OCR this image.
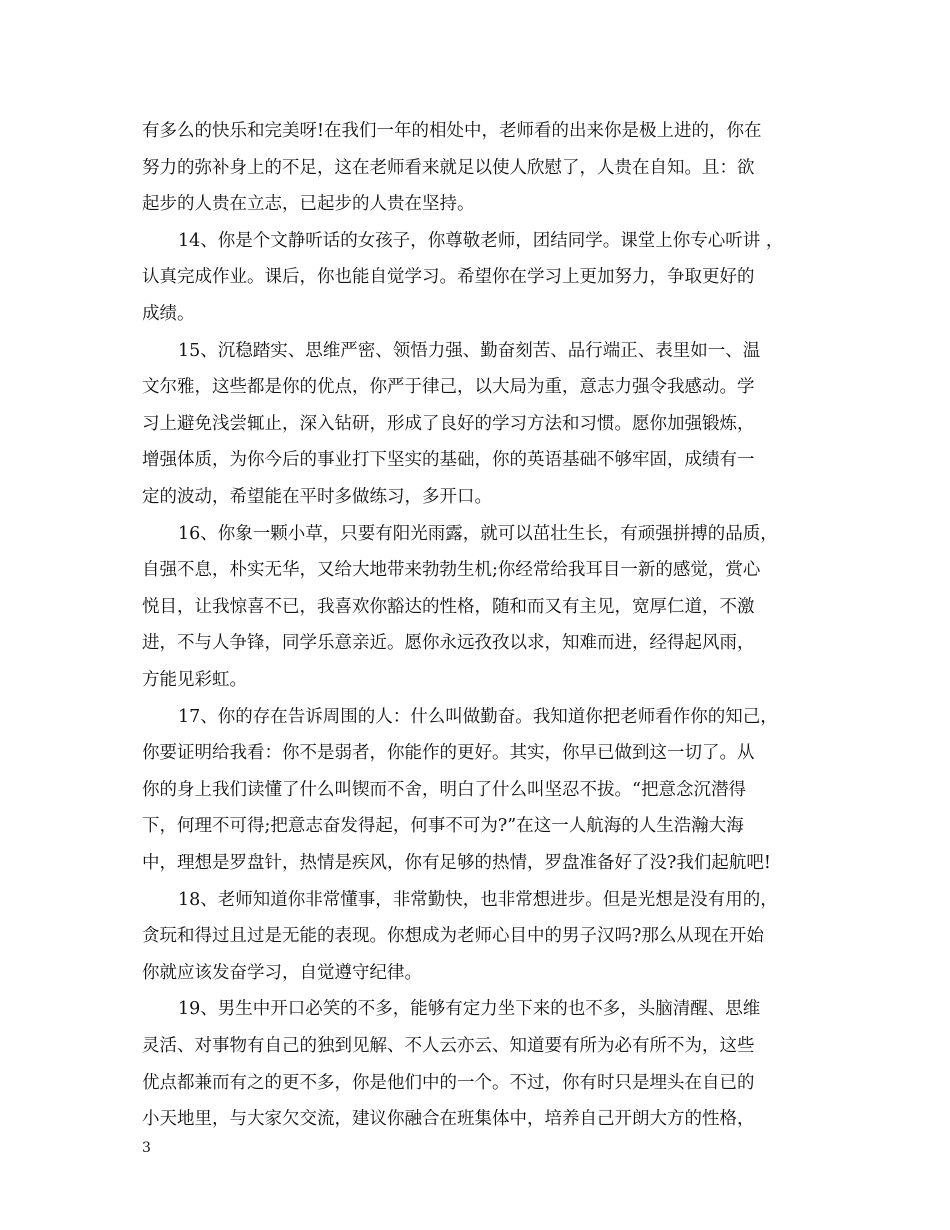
有多么的快乐和完美呀!在我们一年的相处中，老师看的出来你是极上进的，你在
努力的弥补身上的不足，这在老师看来就足以使人欣慰了，人贵在自知。且：欲
起步的人贵在立志，已起步的人贵在坚持。
14、你是个文静听话的女孩子，你尊敬老师，团结同学。课堂上你专心听讲 ，
认真完成作业。课后，你也能自觉学习。希望你在学习上更加努力，争取更好的
成绩。
15、沉稳踏实、思维严密、领悟力强、勤奋刻苦、品行端正、表里如一、温
文尔雅，这些都是你的优点，你严于律己，以大局为重，意志力强令我感动。学
习上避免浅尝辄止，深入钻研，形成了良好的学习方法和习惯。愿你加强锻炼，
增强体质，为你今后的事业打下坚实的基础，你的英语基础不够牢固，成绩有一
定的波动，希望能在平时多做练习，多开口。
16、你象一颗小草，只要有阳光雨露，就可以茁壮生长，有顽强拼搏的品质，
自强不息，朴实无华，又给大地带来勃勃生机;你经常给我耳目一新的感觉，赏心
悦目，让我惊喜不已，我喜欢你豁达的性格，随和而又有主见，宽厚仁道，不激
进，不与人争锋，同学乐意亲近。愿你永远孜孜以求，知难而进，经得起风雨，
方能见彩虹。
17、你的存在告诉周围的人：什么叫做勤奋。我知道你把老师看作你的知己，
你要证明给我看：你不是弱者，你能作的更好。其实，你早已做到这一切了。从
你的身上我们读懂了什么叫锲而不舍，明白了什么叫坚忍不拔。“把意念沉潜得
下，何理不可得;把意志奋发得起，何事不可为?”在这一人航海的人生浩瀚大海
中，理想是罗盘针，热情是疾风，你有足够的热情，罗盘准备好了没?我们起航吧!
18、老师知道你非常懂事，非常勤快，也非常想进步。但是光想是没有用的，
贪玩和得过且过是无能的表现。你想成为老师心目中的男子汉吗?那么从现在开始
你就应该发奋学习，自觉遵守纪律。
19、男生中开口必笑的不多，能够有定力坐下来的也不多，头脑清醒、思维
灵活、对事物有自己的独到见解、不人云亦云、知道要有所为必有所不为，这些
优点都兼而有之的更不多，你是他们中的一个。不过，你有时只是埋头在自已的
小天地里，与大家欠交流，建议你融合在班集体中，培养自己开朗大方的性格，
3
